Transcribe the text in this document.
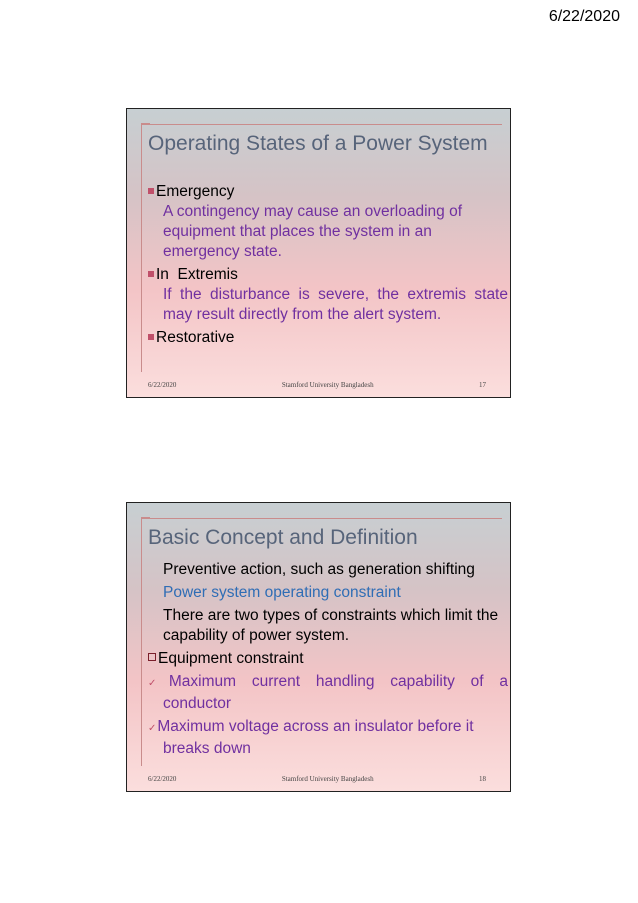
6/22/2020
Operating States of a Power System
Emergency
A contingency may cause an overloading of equipment that places the system in an emergency state.
In  Extremis
If the disturbance is severe, the extremis state may result directly from the alert system.
Restorative
6/22/2020	Stamford University Bangladesh	17
Basic Concept and Definition
Preventive action, such as generation shifting
Power system operating constraint
There are two types of constraints which limit the capability of power system.
Equipment constraint
✓Maximum current handling capability of a conductor
✓Maximum voltage across an insulator before it breaks down
6/22/2020	Stamford University Bangladesh	18
